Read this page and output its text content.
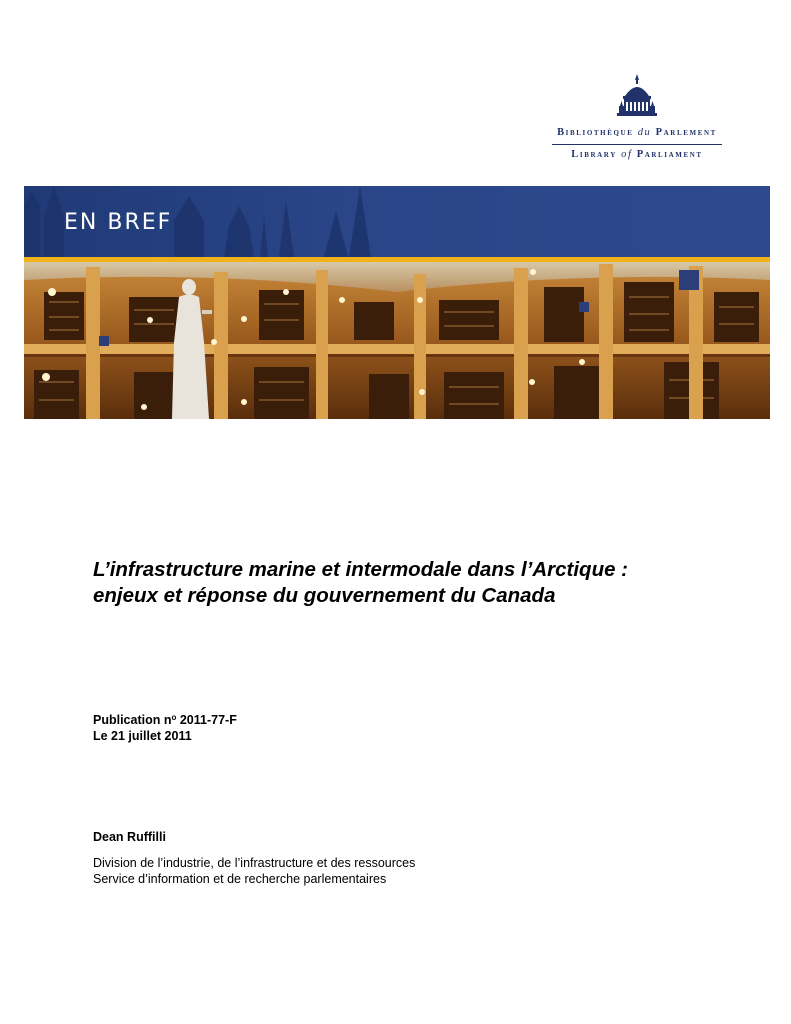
Bibliothèque du Parlement
Library of Parliament
EN BREF
L’infrastructure marine et intermodale dans l’Arctique :
enjeux et réponse du gouvernement du Canada
Publication $n^o$ 2011-77-F
Le 21 juillet 2011
Dean Ruffilli
Division de l’industrie, de l’infrastructure et des ressources
Service d’information et de recherche parlementaires
